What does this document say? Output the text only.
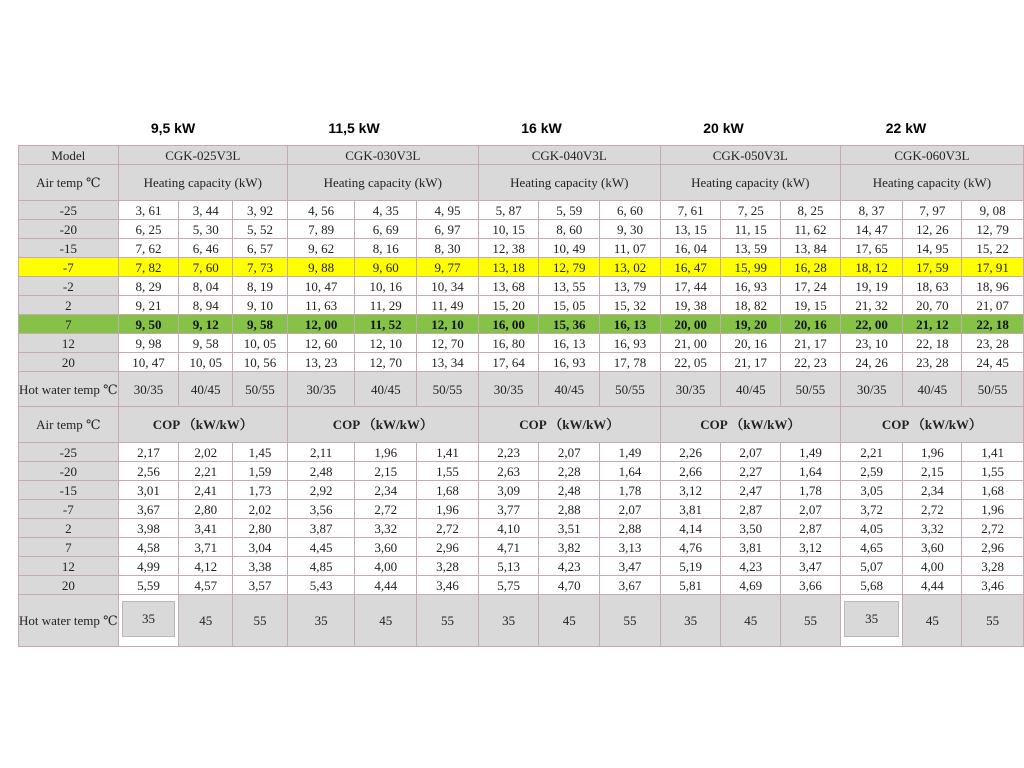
9,5 kW	11,5 kW	16 kW	20 kW	22 kW
Model	CGK-025V3L			CGK-030V3L			CGK-040V3L			CGK-050V3L			CGK-060V3L		
Air temp ℃	Heating capacity (kW)			Heating capacity (kW)			Heating capacity (kW)			Heating capacity (kW)			Heating capacity (kW)		
-25	3, 61	3, 44	3, 92	4, 56	4, 35	4, 95	5, 87	5, 59	6, 60	7, 61	7, 25	8, 25	8, 37	7, 97	9, 08
-20	6, 25	5, 30	5, 52	7, 89	6, 69	6, 97	10, 15	8, 60	9, 30	13, 15	11, 15	11, 62	14, 47	12, 26	12, 79
-15	7, 62	6, 46	6, 57	9, 62	8, 16	8, 30	12, 38	10, 49	11, 07	16, 04	13, 59	13, 84	17, 65	14, 95	15, 22
-7	7, 82	7, 60	7, 73	9, 88	9, 60	9, 77	13, 18	12, 79	13, 02	16, 47	15, 99	16, 28	18, 12	17, 59	17, 91
-2	8, 29	8, 04	8, 19	10, 47	10, 16	10, 34	13, 68	13, 55	13, 79	17, 44	16, 93	17, 24	19, 19	18, 63	18, 96
2	9, 21	8, 94	9, 10	11, 63	11, 29	11, 49	15, 20	15, 05	15, 32	19, 38	18, 82	19, 15	21, 32	20, 70	21, 07
7	9, 50	9, 12	9, 58	12, 00	11, 52	12, 10	16, 00	15, 36	16, 13	20, 00	19, 20	20, 16	22, 00	21, 12	22, 18
12	9, 98	9, 58	10, 05	12, 60	12, 10	12, 70	16, 80	16, 13	16, 93	21, 00	20, 16	21, 17	23, 10	22, 18	23, 28
20	10, 47	10, 05	10, 56	13, 23	12, 70	13, 34	17, 64	16, 93	17, 78	22, 05	21, 17	22, 23	24, 26	23, 28	24, 45
Hot water temp ℃	30/35	40/45	50/55	30/35	40/45	50/55	30/35	40/45	50/55	30/35	40/45	50/55	30/35	40/45	50/55
Air temp ℃	COP （kW/kW）			COP （kW/kW）			COP （kW/kW）			COP （kW/kW）			COP （kW/kW）		
-25	2,17	2,02	1,45	2,11	1,96	1,41	2,23	2,07	1,49	2,26	2,07	1,49	2,21	1,96	1,41
-20	2,56	2,21	1,59	2,48	2,15	1,55	2,63	2,28	1,64	2,66	2,27	1,64	2,59	2,15	1,55
-15	3,01	2,41	1,73	2,92	2,34	1,68	3,09	2,48	1,78	3,12	2,47	1,78	3,05	2,34	1,68
-7	3,67	2,80	2,02	3,56	2,72	1,96	3,77	2,88	2,07	3,81	2,87	2,07	3,72	2,72	1,96
2	3,98	3,41	2,80	3,87	3,32	2,72	4,10	3,51	2,88	4,14	3,50	2,87	4,05	3,32	2,72
7	4,58	3,71	3,04	4,45	3,60	2,96	4,71	3,82	3,13	4,76	3,81	3,12	4,65	3,60	2,96
12	4,99	4,12	3,38	4,85	4,00	3,28	5,13	4,23	3,47	5,19	4,23	3,47	5,07	4,00	3,28
20	5,59	4,57	3,57	5,43	4,44	3,46	5,75	4,70	3,67	5,81	4,69	3,66	5,68	4,44	3,46
Hot water temp ℃	35	45	55	35	45	55	35	45	55	35	45	55	35	45	55
